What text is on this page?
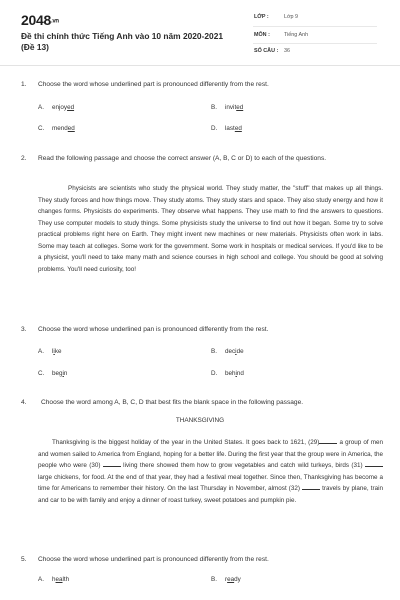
2048.vn
Đề thi chính thức Tiếng Anh vào 10 năm 2020-2021 (Đề 13)
LỚP :	Lớp 9
MÔN :	Tiếng Anh
SỐ CÂU :	36
1. Choose the word whose underlined part is pronounced differently from the rest.
A. enjoyed	B. invited
C. mended	D. lasted
2. Read the following passage and choose the correct answer (A, B, C or D) to each of the questions.
Physicists are scientists who study the physical world. They study matter, the "stuff" that makes up all things. They study forces and how things move. They study atoms. They study stars and space. They also study energy and how it changes forms. Physicists do experiments. They observe what happens. They use math to find the answers to questions. They use computer models to study things. Some physicists study the universe to find out how it began. Some try to solve practical problems right here on Earth. They might invent new machines or new materials. Physicists often work in labs. Some may teach at colleges. Some work for the government. Some work in hospitals or medical services. If you'd like to be a physicist, you'll need to take many math and science courses in high school and college. You should be good at solving problems. You'll need curiosity, too!
3. Choose the word whose underlined pan is pronounced differently from the rest.
A. like	B. decide
C. begin	D. behind
4. Choose the word among A, B, C, D that best fits the blank space in the following passage.
THANKSGIVING
Thanksgiving is the biggest holiday of the year in the United States. It goes back to 1621, (29)	a group of men and women sailed to America from England, hoping for a better life. During the first year that the group were in America, the people who were (30)	living there showed them how to grow vegetables and catch wild turkeys, birds (31)  large chickens, for food. At the end of that year, they had a festival meal together. Since then, Thanksgiving has become a time for Americans to remember their history. On the last Thursday in November, almost (32)	travels by plane, train and car to be with family and enjoy a dinner of roast turkey, sweet potatoes and pumpkin pie.
5. Choose the word whose underlined part is pronounced differently from the rest.
A. health	B. ready
